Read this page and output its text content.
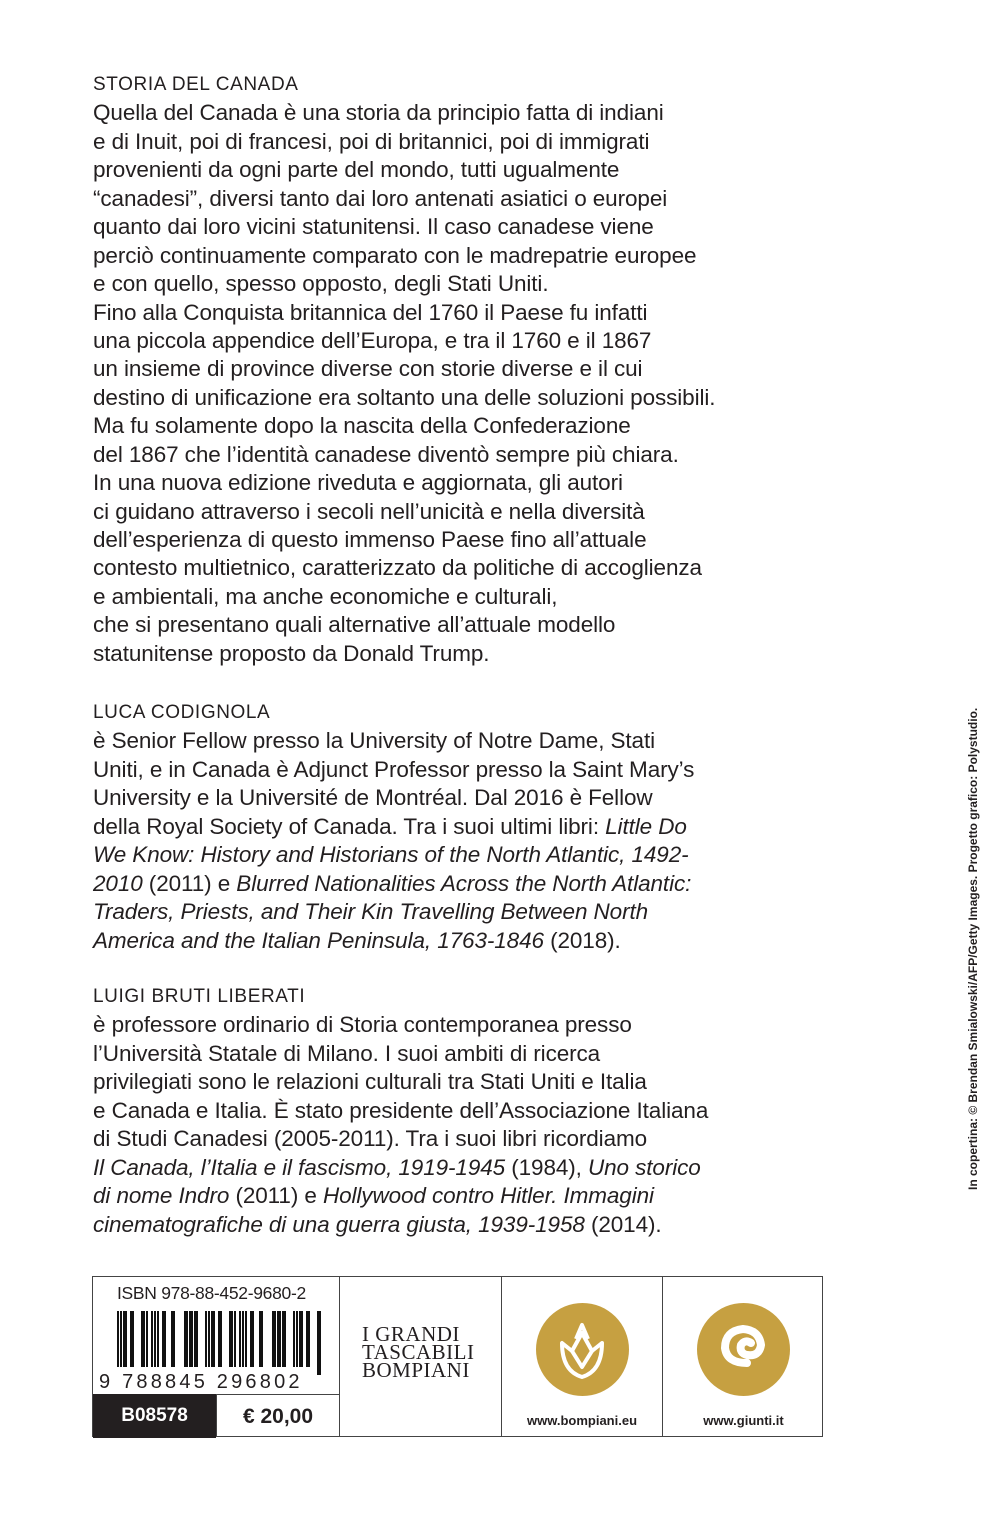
STORIA DEL CANADA
Quella del Canada è una storia da principio fatta di indiani
e di Inuit, poi di francesi, poi di britannici, poi di immigrati
provenienti da ogni parte del mondo, tutti ugualmente
“canadesi”, diversi tanto dai loro antenati asiatici o europei
quanto dai loro vicini statunitensi. Il caso canadese viene
perciò continuamente comparato con le madrepatrie europee
e con quello, spesso opposto, degli Stati Uniti.
Fino alla Conquista britannica del 1760 il Paese fu infatti
una piccola appendice dell’Europa, e tra il 1760 e il 1867
un insieme di province diverse con storie diverse e il cui
destino di unificazione era soltanto una delle soluzioni possibili.
Ma fu solamente dopo la nascita della Confederazione
del 1867 che l’identità canadese diventò sempre più chiara.
In una nuova edizione riveduta e aggiornata, gli autori
ci guidano attraverso i secoli nell’unicità e nella diversità
dell’esperienza di questo immenso Paese fino all’attuale
contesto multietnico, caratterizzato da politiche di accoglienza
e ambientali, ma anche economiche e culturali,
che si presentano quali alternative all’attuale modello
statunitense proposto da Donald Trump.
LUCA CODIGNOLA
è Senior Fellow presso la University of Notre Dame, Stati
Uniti, e in Canada è Adjunct Professor presso la Saint Mary’s
University e la Université de Montréal. Dal 2016 è Fellow
della Royal Society of Canada. Tra i suoi ultimi libri: Little Do
We Know: History and Historians of the North Atlantic, 1492-
2010 (2011) e Blurred Nationalities Across the North Atlantic:
Traders, Priests, and Their Kin Travelling Between North
America and the Italian Peninsula, 1763-1846 (2018).
LUIGI BRUTI LIBERATI
è professore ordinario di Storia contemporanea presso
l’Università Statale di Milano. I suoi ambiti di ricerca
privilegiati sono le relazioni culturali tra Stati Uniti e Italia
e Canada e Italia. È stato presidente dell’Associazione Italiana
di Studi Canadesi (2005-2011). Tra i suoi libri ricordiamo
Il Canada, l’Italia e il fascismo, 1919-1945 (1984), Uno storico
di nome Indro (2011) e Hollywood contro Hitler. Immagini
cinematografiche di una guerra giusta, 1939-1958 (2014).
ISBN 978-88-452-9680-2
9 788845 296802
B08578	€ 20,00
I GRANDI
TASCABILI
BOMPIANI
www.bompiani.eu	www.giunti.it
In copertina: © Brendan Smialowski/AFP/Getty Images. Progetto grafico: Polystudio.
